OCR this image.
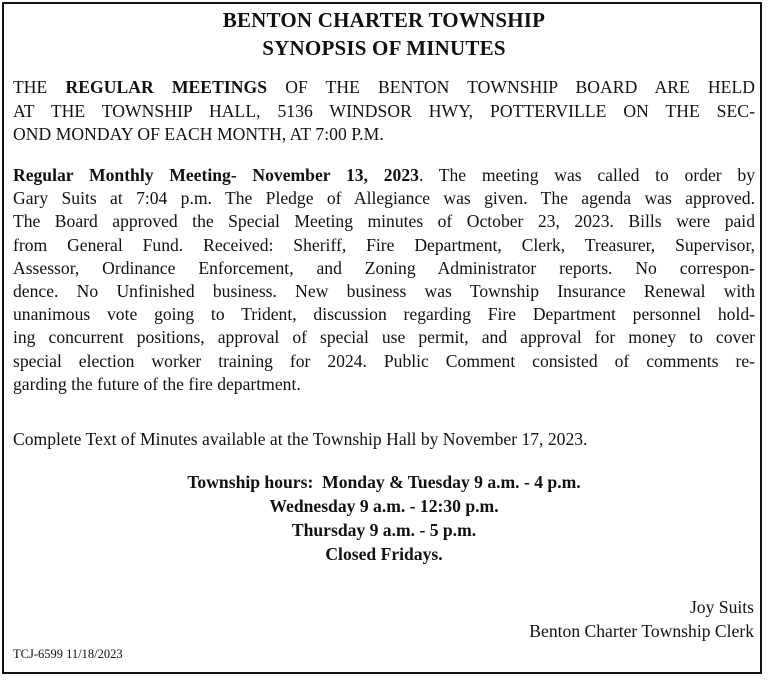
BENTON CHARTER TOWNSHIP
SYNOPSIS OF MINUTES
THE REGULAR MEETINGS OF THE BENTON TOWNSHIP BOARD ARE HELD
AT THE TOWNSHIP HALL, 5136 WINDSOR HWY, POTTERVILLE ON THE SEC-
OND MONDAY OF EACH MONTH, AT 7:00 P.M.
Regular Monthly Meeting- November 13, 2023. The meeting was called to order by
Gary Suits at 7:04 p.m. The Pledge of Allegiance was given. The agenda was approved.
The Board approved the Special Meeting minutes of October 23, 2023. Bills were paid
from General Fund. Received: Sheriff, Fire Department, Clerk, Treasurer, Supervisor,
Assessor, Ordinance Enforcement, and Zoning Administrator reports. No correspon-
dence. No Unfinished business. New business was Township Insurance Renewal with
unanimous vote going to Trident, discussion regarding Fire Department personnel hold-
ing concurrent positions, approval of special use permit, and approval for money to cover
special election worker training for 2024. Public Comment consisted of comments re-
garding the future of the fire department.
Complete Text of Minutes available at the Township Hall by November 17, 2023.
Township hours:  Monday & Tuesday 9 a.m. - 4 p.m.
Wednesday 9 a.m. - 12:30 p.m.
Thursday 9 a.m. - 5 p.m.
Closed Fridays.
Joy Suits
Benton Charter Township Clerk
TCJ-6599 11/18/2023
